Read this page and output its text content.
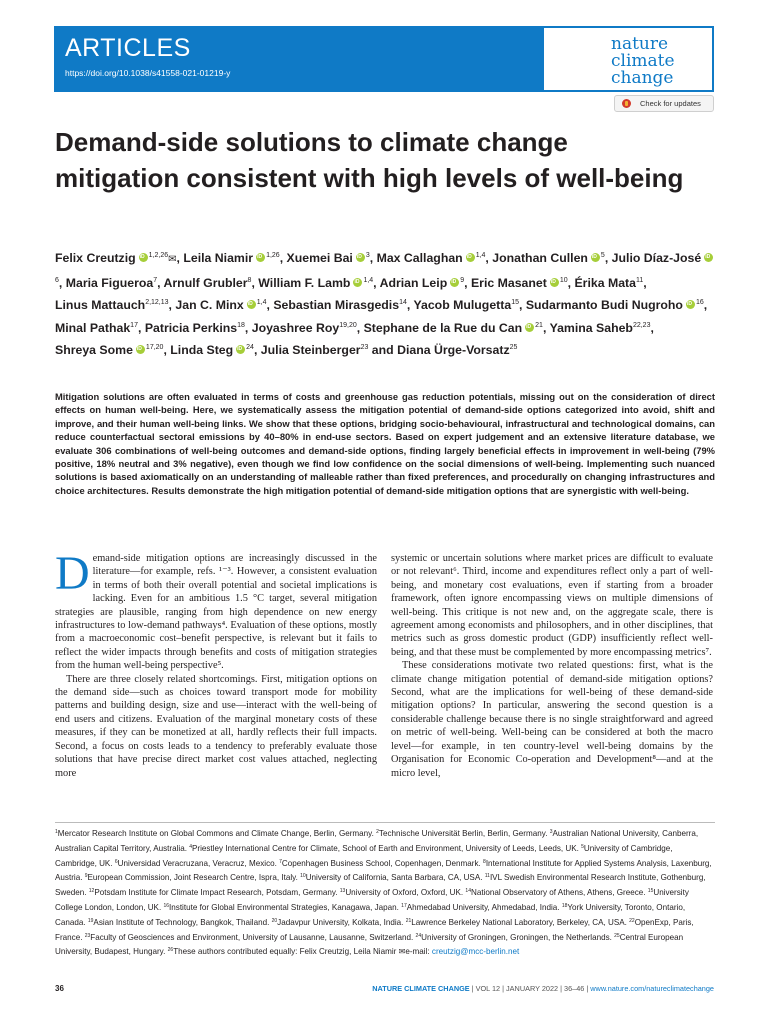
ARTICLES
https://doi.org/10.1038/s41558-021-01219-y
nature
climate change
Check for updates
Demand-side solutions to climate change mitigation consistent with high levels of well-being
Felix Creutzig iD $^{1,2,26}$✉, Leila Niamir iD $^{1,26}$, Xuemei Bai iD $^3$, Max Callaghan iD $^{1,4}$, Jonathan Cullen iD $^5$, Julio Díaz-JoséiD$^6$, Maria Figueroa$^7$, Arnulf Grubler$^8$, William F. Lamb iD $^{1,4}$, Adrian Leip iD $^9$, Eric Masanet iD $^{10}$, Érika Mata$^{11}$, Linus Mattauch$^{2,12,13}$, Jan C. Minx iD $^{1,4}$, Sebastian Mirasgedis$^{14}$, Yacob Mulugetta$^{15}$, Sudarmanto Budi Nugroho iD $^{16}$, Minal Pathak$^{17}$, Patricia Perkins$^{18}$, Joyashree Roy$^{19,20}$, Stephane de la Rue du Can iD $^{21}$, Yamina Saheb$^{22,23}$, Shreya Some iD $^{17,20}$, Linda Steg iD $^{24}$, Julia Steinberger$^{23}$ and Diana Ürge-Vorsatz$^{25}$

Mitigation solutions are often evaluated in terms of costs and greenhouse gas reduction potentials, missing out on the consideration of direct effects on human well-being. Here, we systematically assess the mitigation potential of demand-side options categorized into avoid, shift and improve, and their human well-being links. We show that these options, bridging socio-behavioural, infrastructural and technological domains, can reduce counterfactual sectoral emissions by 40–80% in end-use sectors. Based on expert judgement and an extensive literature database, we evaluate 306 combinations of well-being outcomes and demand-side options, finding largely beneficial effects in improvement in well-being (79% positive, 18% neutral and 3% negative), even though we find low confidence on the social dimensions of well-being. Implementing such nuanced solutions is based axiomatically on an understanding of malleable rather than fixed preferences, and procedurally on changing infrastructures and choice architectures. Results demonstrate the high mitigation potential of demand-side mitigation options that are synergistic with well-being.

Demand-side mitigation options are increasingly discussed in the literature—for example, refs. ¹⁻³. However, a consistent evaluation in terms of both their overall potential and societal implications is lacking. Even for an ambitious 1.5 °C target, several mitigation strategies are plausible, ranging from high dependence on new energy infrastructures to low-demand pathways⁴. Evaluation of these options, mostly from a macroeconomic cost–benefit perspective, is relevant but it fails to reflect the wider impacts through benefits and costs of mitigation strategies from the human well-being perspective⁵.

There are three closely related shortcomings. First, mitigation options on the demand side—such as choices toward transport mode for mobility patterns and building design, size and use—interact with the well-being of end users and citizens. Evaluation of the marginal monetary costs of these measures, if they can be monetized at all, hardly reflects their full impacts. Second, a focus on costs leads to a tendency to preferably evaluate those solutions that have precise direct market cost values attached, neglecting more

systemic or uncertain solutions where market prices are difficult to evaluate or not relevant⁶. Third, income and expenditures reflect only a part of well-being, and monetary cost evaluations, even if starting from a broader framework, often ignore encompassing views on multiple dimensions of well-being. This critique is not new and, on the aggregate scale, there is agreement among economists and philosophers, and in other disciplines, that metrics such as gross domestic product (GDP) insufficiently reflect well-being, and that these must be complemented by more encompassing metrics⁷.

These considerations motivate two related questions: first, what is the climate change mitigation potential of demand-side mitigation options? Second, what are the implications for well-being of these demand-side mitigation options? In particular, answering the second question is a considerable challenge because there is no single straightforward and agreed on metric of well-being. Well-being can be considered at both the macro level—for example, in ten country-level well-being domains by the Organisation for Economic Co-operation and Development⁸—and at the micro level,

$^1$Mercator Research Institute on Global Commons and Climate Change, Berlin, Germany. $^2$Technische Universität Berlin, Berlin, Germany. $^3$Australian National University, Canberra, Australian Capital Territory, Australia. $^4$Priestley International Centre for Climate, School of Earth and Environment, University of Leeds, Leeds, UK. $^5$University of Cambridge, Cambridge, UK. $^6$Universidad Veracruzana, Veracruz, Mexico. $^7$Copenhagen Business School, Copenhagen, Denmark. $^8$International Institute for Applied Systems Analysis, Laxenburg, Austria. $^9$European Commission, Joint Research Centre, Ispra, Italy. $^{10}$University of California, Santa Barbara, CA, USA. $^{11}$IVL Swedish Environmental Research Institute, Gothenburg, Sweden. $^{12}$Potsdam Institute for Climate Impact Research, Potsdam, Germany. $^{13}$University of Oxford, Oxford, UK. $^{14}$National Observatory of Athens, Athens, Greece. $^{15}$University College London, London, UK. $^{16}$Institute for Global Environmental Strategies, Kanagawa, Japan. $^{17}$Ahmedabad University, Ahmedabad, India. $^{18}$York University, Toronto, Ontario, Canada. $^{19}$Asian Institute of Technology, Bangkok, Thailand. $^{20}$Jadavpur University, Kolkata, India. $^{21}$Lawrence Berkeley National Laboratory, Berkeley, CA, USA. $^{22}$OpenExp, Paris, France. $^{23}$Faculty of Geosciences and Environment, University of Lausanne, Lausanne, Switzerland. $^{24}$University of Groningen, Groningen, the Netherlands. $^{25}$Central European University, Budapest, Hungary. $^{26}$These authors contributed equally: Felix Creutzig, Leila Niamir ✉e-mail: creutzig@mcc-berlin.net

36	NATURE CLIMATE CHANGE | VOL 12 | JANUARY 2022 | 36–46 | www.nature.com/natureclimatechange
